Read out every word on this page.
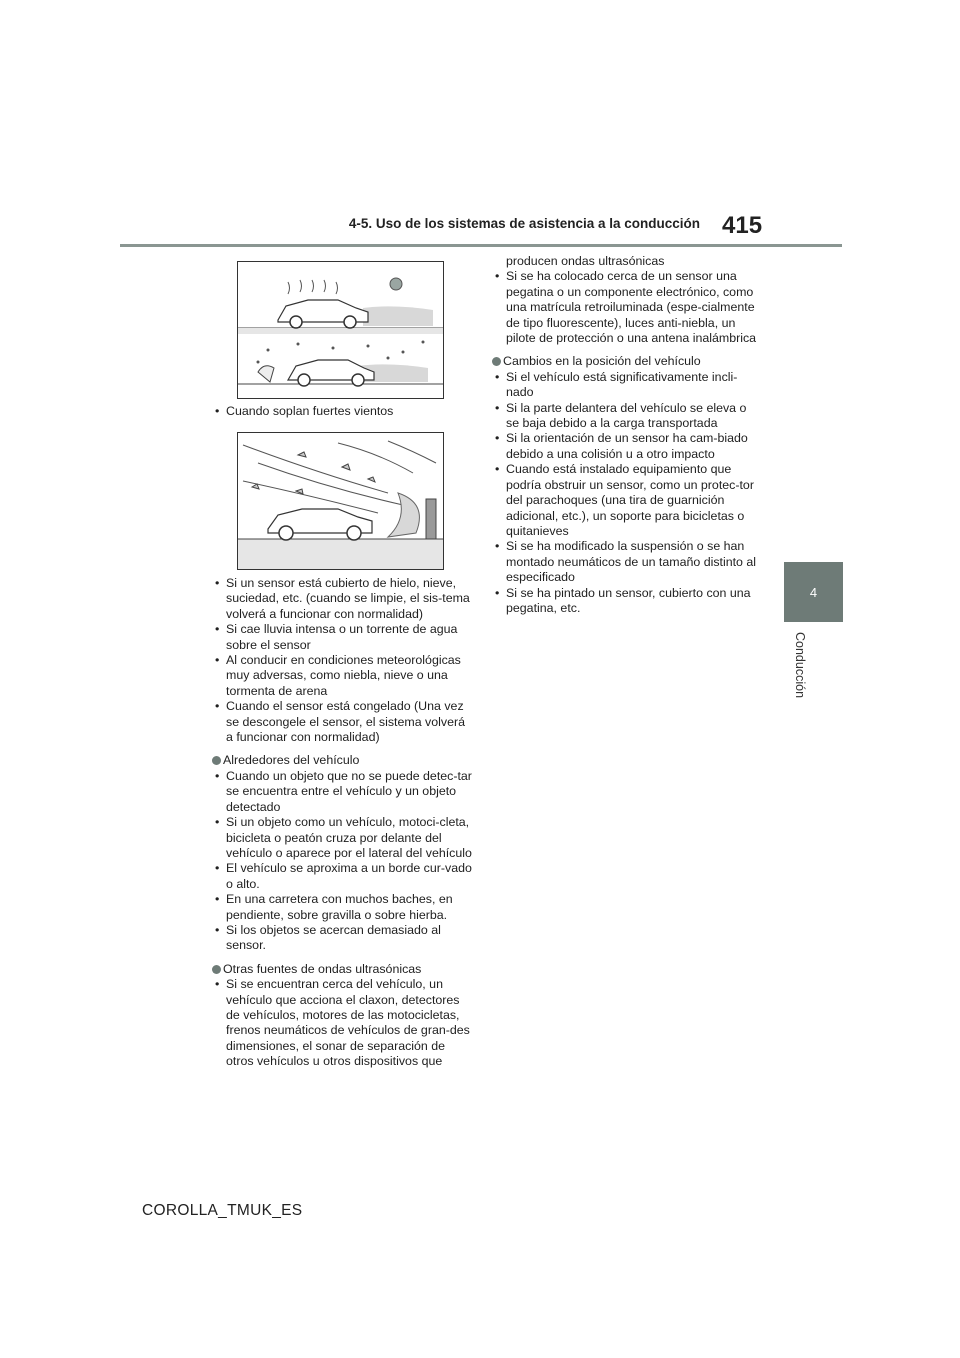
4-5. Uso de los sistemas de asistencia a la conducción 415
4
Conducción
• Cuando soplan fuertes vientos
• Si un sensor está cubierto de hielo, nieve, suciedad, etc. (cuando se limpie, el sis-tema volverá a funcionar con normalidad)
• Si cae lluvia intensa o un torrente de agua sobre el sensor
• Al conducir en condiciones meteorológicas muy adversas, como niebla, nieve o una tormenta de arena
• Cuando el sensor está congelado (Una vez se descongele el sensor, el sistema volverá a funcionar con normalidad)
Alrededores del vehículo
• Cuando un objeto que no se puede detec-tar se encuentra entre el vehículo y un objeto detectado
• Si un objeto como un vehículo, motoci-cleta, bicicleta o peatón cruza por delante del vehículo o aparece por el lateral del vehículo
• El vehículo se aproxima a un borde cur-vado o alto.
• En una carretera con muchos baches, en pendiente, sobre gravilla o sobre hierba.
• Si los objetos se acercan demasiado al sensor.
Otras fuentes de ondas ultrasónicas
• Si se encuentran cerca del vehículo, un vehículo que acciona el claxon, detectores de vehículos, motores de las motocicletas, frenos neumáticos de vehículos de gran-des dimensiones, el sonar de separación de otros vehículos u otros dispositivos que
producen ondas ultrasónicas
• Si se ha colocado cerca de un sensor una pegatina o un componente electrónico, como una matrícula retroiluminada (espe-cialmente de tipo fluorescente), luces anti-niebla, un pilote de protección o una antena inalámbrica
Cambios en la posición del vehículo
• Si el vehículo está significativamente incli-nado
• Si la parte delantera del vehículo se eleva o se baja debido a la carga transportada
• Si la orientación de un sensor ha cam-biado debido a una colisión u a otro impacto
• Cuando está instalado equipamiento que podría obstruir un sensor, como un protec-tor del parachoques (una tira de guarnición adicional, etc.), un soporte para bicicletas o quitanieves
• Si se ha modificado la suspensión o se han montado neumáticos de un tamaño distinto al especificado
• Si se ha pintado un sensor, cubierto con una pegatina, etc.
COROLLA_TMUK_ES
